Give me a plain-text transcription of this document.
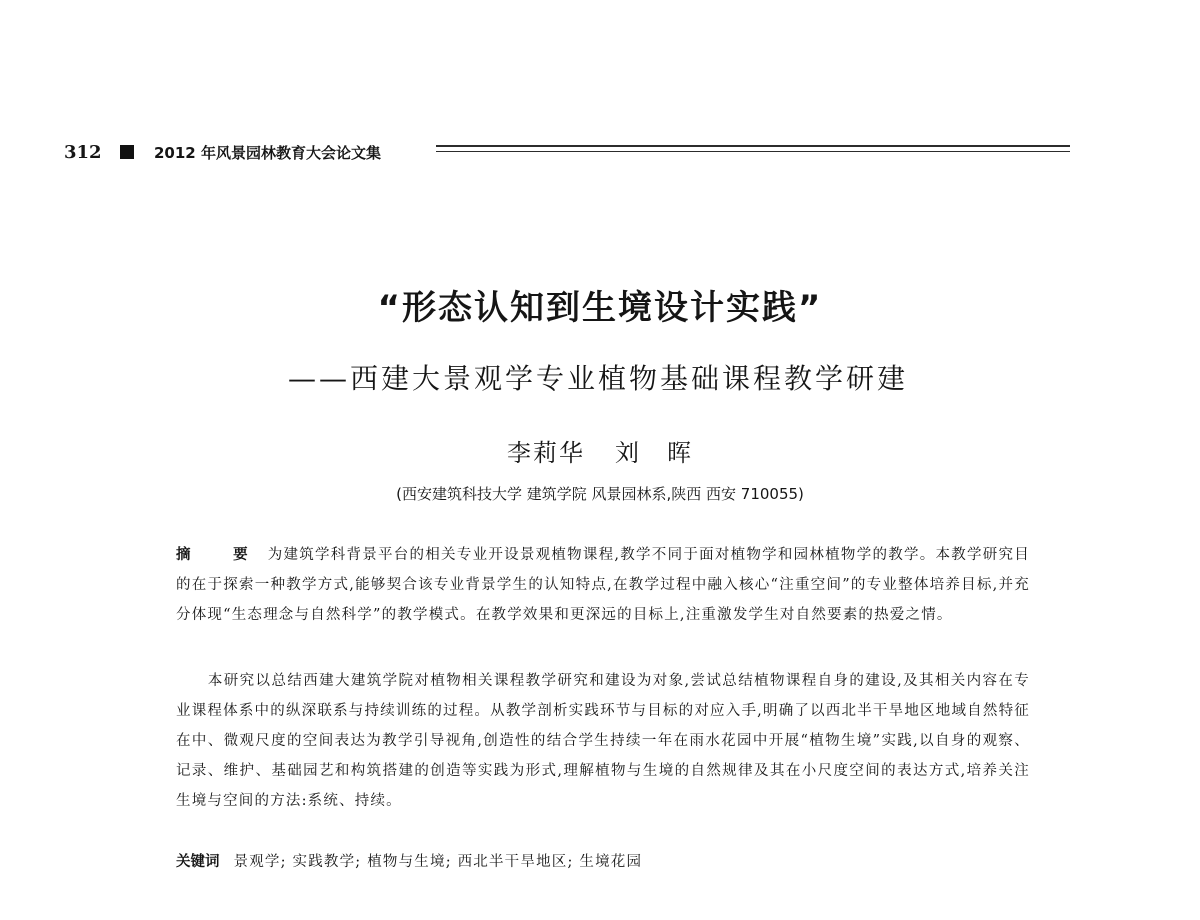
312	2012 年风景园林教育大会论文集
“形态认知到生境设计实践”
——西建大景观学专业植物基础课程教学研建
李莉华 刘　晖
(西安建筑科技大学 建筑学院 风景园林系,陕西 西安 710055)
摘　要 为建筑学科背景平台的相关专业开设景观植物课程,教学不同于面对植物学和园林植物学的教学。本教学研究目的在于探索一种教学方式,能够契合该专业背景学生的认知特点,在教学过程中融入核心“注重空间”的专业整体培养目标,并充分体现“生态理念与自然科学”的教学模式。在教学效果和更深远的目标上,注重激发学生对自然要素的热爱之情。
本研究以总结西建大建筑学院对植物相关课程教学研究和建设为对象,尝试总结植物课程自身的建设,及其相关内容在专业课程体系中的纵深联系与持续训练的过程。从教学剖析实践环节与目标的对应入手,明确了以西北半干旱地区地域自然特征在中、微观尺度的空间表达为教学引导视角,创造性的结合学生持续一年在雨水花园中开展“植物生境”实践,以自身的观察、记录、维护、基础园艺和构筑搭建的创造等实践为形式,理解植物与生境的自然规律及其在小尺度空间的表达方式,培养关注生境与空间的方法:系统、持续。
关键词 景观学; 实践教学; 植物与生境; 西北半干旱地区; 生境花园
